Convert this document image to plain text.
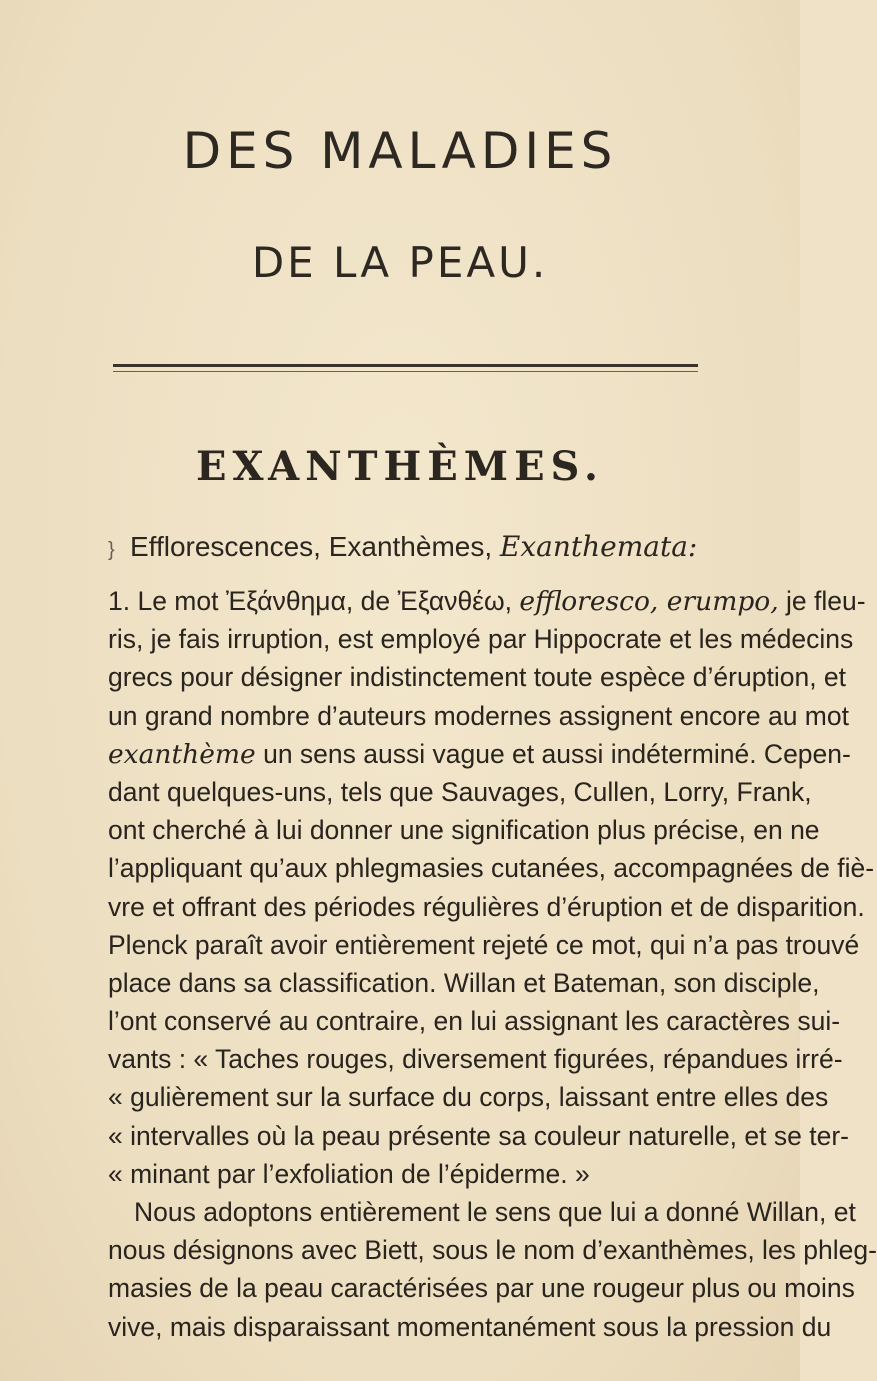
DES MALADIES
DE LA PEAU.
EXANTHÈMES.
} Efflorescences, Exanthèmes, Exanthemata:
1. Le mot Ἐξάνθημα, de Ἐξανθέω, effloresco, erumpo, je fleu-
ris, je fais irruption, est employé par Hippocrate et les médecins
grecs pour désigner indistinctement toute espèce d’éruption, et
un grand nombre d’auteurs modernes assignent encore au mot
exanthème un sens aussi vague et aussi indéterminé. Cepen-
dant quelques-uns, tels que Sauvages, Cullen, Lorry, Frank,
ont cherché à lui donner une signification plus précise, en ne
l’appliquant qu’aux phlegmasies cutanées, accompagnées de fiè-
vre et offrant des périodes régulières d’éruption et de disparition.
Plenck paraît avoir entièrement rejeté ce mot, qui n’a pas trouvé
place dans sa classification. Willan et Bateman, son disciple,
l’ont conservé au contraire, en lui assignant les caractères sui-
vants : « Taches rouges, diversement figurées, répandues irré-
« gulièrement sur la surface du corps, laissant entre elles des
« intervalles où la peau présente sa couleur naturelle, et se ter-
« minant par l’exfoliation de l’épiderme. »
Nous adoptons entièrement le sens que lui a donné Willan, et
nous désignons avec Biett, sous le nom d’exanthèmes, les phleg-
masies de la peau caractérisées par une rougeur plus ou moins
vive, mais disparaissant momentanément sous la pression du
